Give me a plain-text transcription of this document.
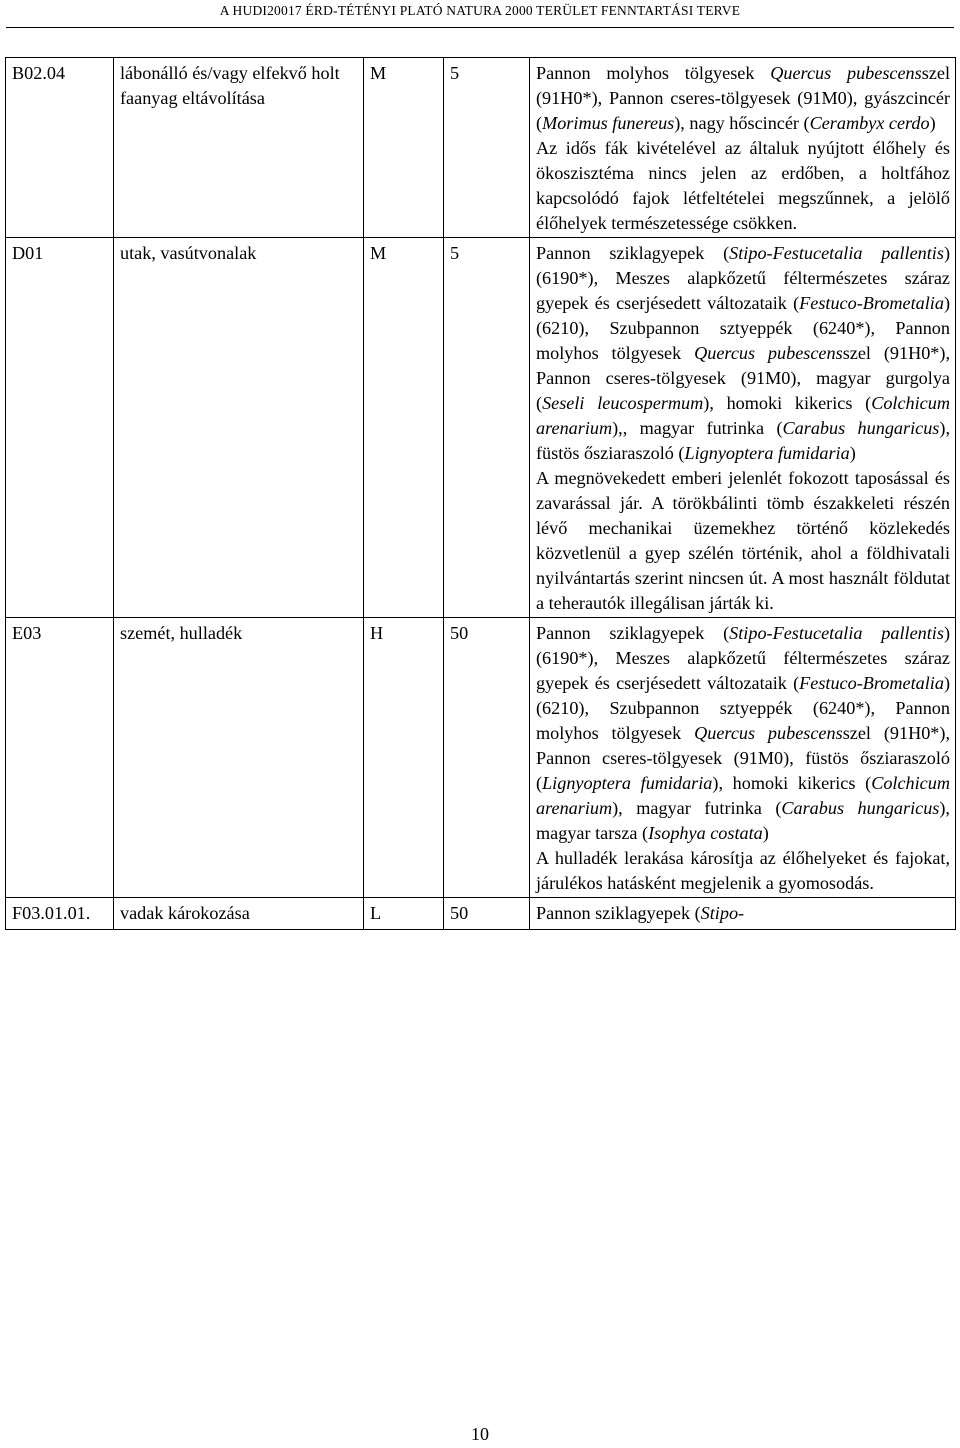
A HUDI20017 ÉRD-TÉTÉNYI PLATÓ NATURA 2000 TERÜLET FENNTARTÁSI TERVE
B02.04	lábonálló és/vagy elfekvő holt faanyag eltávolítása	M	5	Pannon molyhos tölgyesek Quercus pubescensszel (91H0*), Pannon cseres-tölgyesek (91M0), gyászcincér (Morimus funereus), nagy hőscincér (Cerambyx cerdo)
Az idős fák kivételével az általuk nyújtott élőhely és ökoszisztéma nincs jelen az erdőben, a holtfához kapcsolódó fajok létfeltételei megszűnnek, a jelölő élőhelyek természetessége csökken.

D01	utak, vasútvonalak	M	5	Pannon sziklagyepek (Stipo-Festucetalia pallentis) (6190*), Meszes alapkőzetű féltermészetes száraz gyepek és cserjésedett változataik (Festuco-Brometalia) (6210), Szubpannon sztyeppék (6240*), Pannon molyhos tölgyesek Quercus pubescensszel (91H0*), Pannon cseres-tölgyesek (91M0), magyar gurgolya (Seseli leucospermum), homoki kikerics (Colchicum arenarium),, magyar futrinka (Carabus hungaricus), füstös ősziaraszoló (Lignyoptera fumidaria)
A megnövekedett emberi jelenlét fokozott taposással és zavarással jár. A törökbálinti tömb északkeleti részén lévő mechanikai üzemekhez történő közlekedés közvetlenül a gyep szélén történik, ahol a földhivatali nyilvántartás szerint nincsen út. A most használt földutat a teherautók illegálisan járták ki.

E03	szemét, hulladék	H	50	Pannon sziklagyepek (Stipo-Festucetalia pallentis) (6190*), Meszes alapkőzetű féltermészetes száraz gyepek és cserjésedett változataik (Festuco-Brometalia) (6210), Szubpannon sztyeppék (6240*), Pannon molyhos tölgyesek Quercus pubescensszel (91H0*), Pannon cseres-tölgyesek (91M0), füstös ősziaraszoló (Lignyoptera fumidaria), homoki kikerics (Colchicum arenarium), magyar futrinka (Carabus hungaricus), magyar tarsza (Isophya costata)
A hulladék lerakása károsítja az élőhelyeket és fajokat, járulékos hatásként megjelenik a gyomosodás.

F03.01.01.	vadak károkozása	L	50	Pannon sziklagyepek (Stipo-
10
